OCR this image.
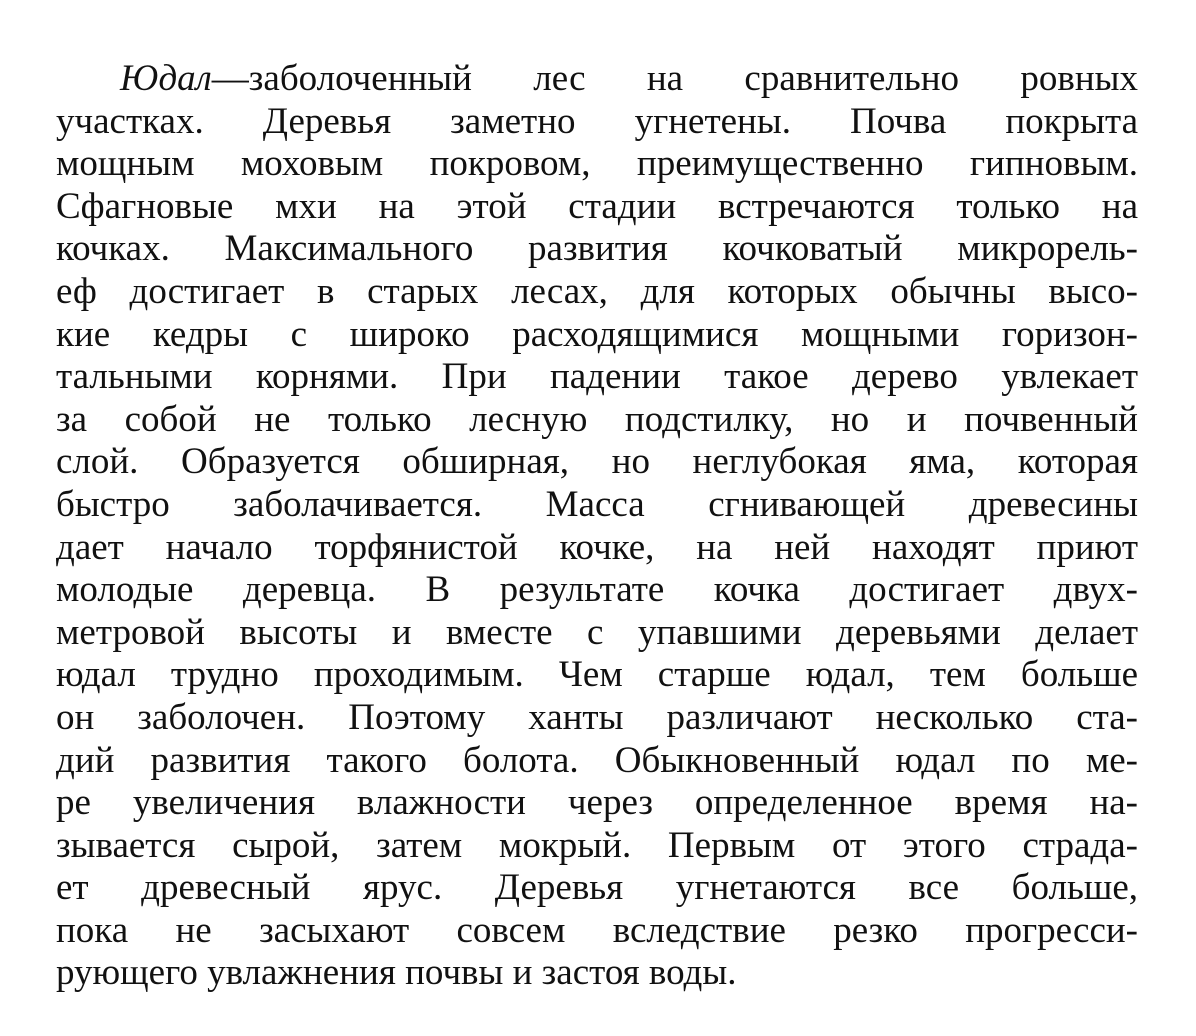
Юдал—заболоченный лес на сравнительно ровных
участках. Деревья заметно угнетены. Почва покрыта
мощным моховым покровом, преимущественно гипновым.
Сфагновые мхи на этой стадии встречаются только на
кочках. Максимального развития кочковатый микрорель-
еф достигает в старых лесах, для которых обычны высо-
кие кедры с широко расходящимися мощными горизон-
тальными корнями. При падении такое дерево увлекает
за собой не только лесную подстилку, но и почвенный
слой. Образуется обширная, но неглубокая яма, которая
быстро заболачивается. Масса сгнивающей древесины
дает начало торфянистой кочке, на ней находят приют
молодые деревца. В результате кочка достигает двух-
метровой высоты и вместе с упавшими деревьями делает
юдал трудно проходимым. Чем старше юдал, тем больше
он заболочен. Поэтому ханты различают несколько ста-
дий развития такого болота. Обыкновенный юдал по ме-
ре увеличения влажности через определенное время на-
зывается сырой, затем мокрый. Первым от этого страда-
ет древесный ярус. Деревья угнетаются все больше,
пока не засыхают совсем вследствие резко прогресси-
рующего увлажнения почвы и застоя воды.
